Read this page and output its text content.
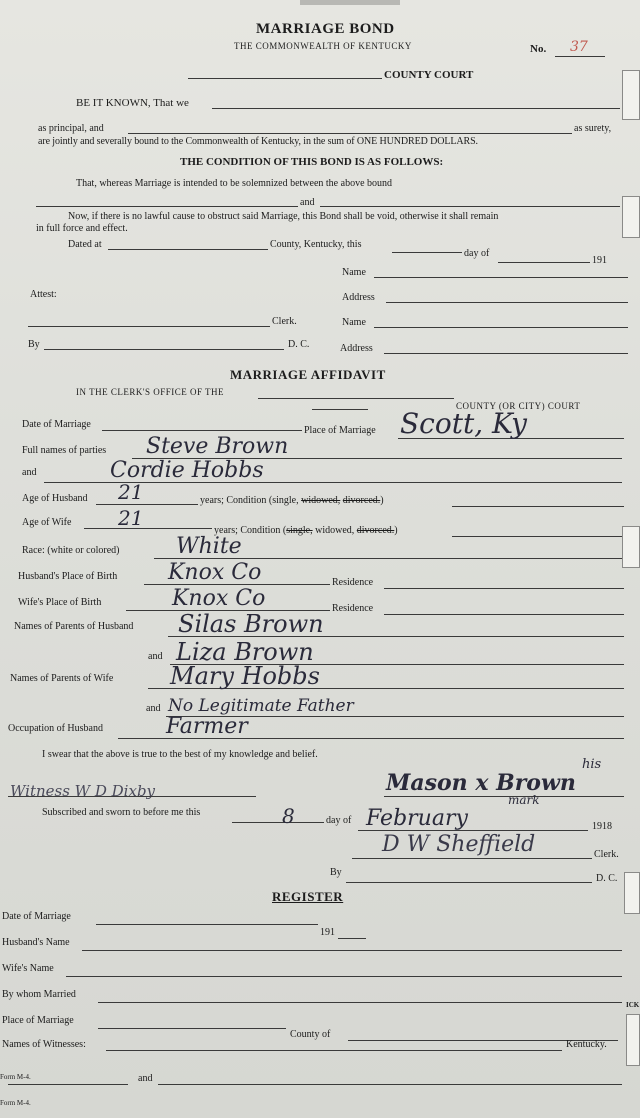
MARRIAGE BOND
THE COMMONWEALTH OF KENTUCKY	No. 37
COUNTY COURT
BE IT KNOWN, That we
as principal, and	as surety,
are jointly and severally bound to the Commonwealth of Kentucky, in the sum of ONE HUNDRED DOLLARS.
THE CONDITION OF THIS BOND IS AS FOLLOWS:
That, whereas Marriage is intended to be solemnized between the above bound
and
Now, if there is no lawful cause to obstruct said Marriage, this Bond shall be void, otherwise it shall remain
in full force and effect.
Dated at	County, Kentucky, this
day of
191
Name
Attest:	Address
Clerk.	Name
By	D. C.	Address
MARRIAGE AFFIDAVIT
IN THE CLERK'S OFFICE OF THE
COUNTY (OR CITY) COURT
Date of Marriage
Place of Marriage Scott, Ky
Full names of parties Steve Brown
and	Cordie Hobbs
Age of Husband 21	years; Condition (single, widowed, divorced.)
Age of Wife 21
years; Condition (single, widowed, divorced.)
Race: (white or colored)	White
Husband's Place of Birth Knox Co	Residence
Wife's Place of Birth	Knox Co	Residence
Names of Parents of Husband Silas Brown
and Liza Brown
Names of Parents of Wife Mary Hobbs
and No Legitimate Father
Occupation of Husband	Farmer
I swear that the above is true to the best of my knowledge and belief.
Witness W D Dixby
his
Mason x Brown
mark
Subscribed and sworn to before me this	8	day of February	1918
D W Sheffield	Clerk.
By
D. C.
REGISTER
Date of Marriage
191
Husband's Name
Wife's Name
By whom Married
Place of Marriage
County of
Names of Witnesses:	Kentucky.
and
Form M-4.
Form M-4.
ICK
